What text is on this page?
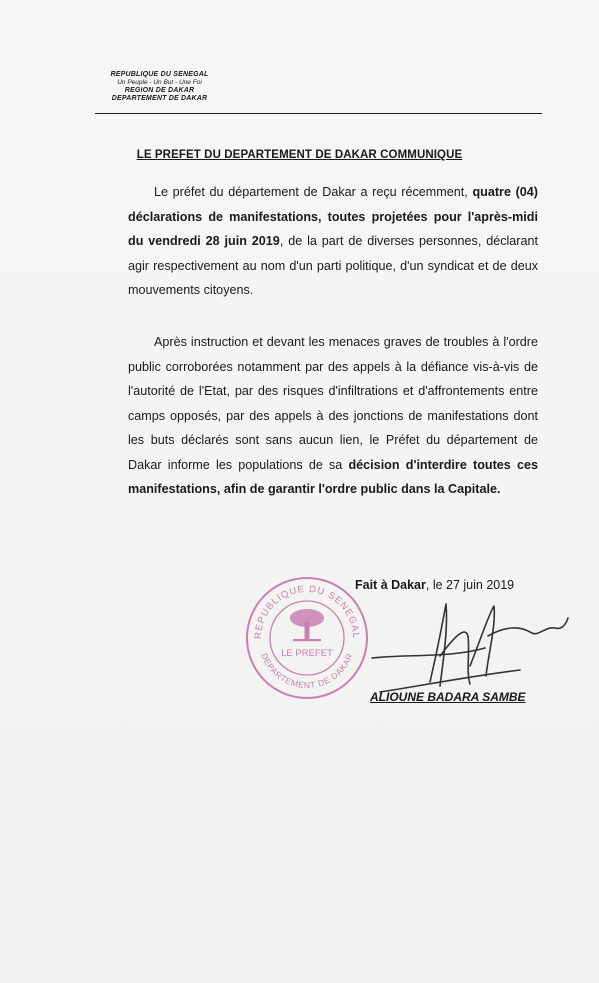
REPUBLIQUE DU SENEGAL
Un Peuple - Un But - Une Foi
REGION DE DAKAR
DEPARTEMENT DE DAKAR
LE PREFET DU DEPARTEMENT DE DAKAR COMMUNIQUE
Le préfet du département de Dakar a reçu récemment, quatre (04) déclarations de manifestations, toutes projetées pour l'après-midi du vendredi 28 juin 2019, de la part de diverses personnes, déclarant agir respectivement au nom d'un parti politique, d'un syndicat et de deux mouvements citoyens.
Après instruction et devant les menaces graves de troubles à l'ordre public corroborées notamment par des appels à la défiance vis-à-vis de l'autorité de l'Etat, par des risques d'infiltrations et d'affrontements entre camps opposés, par des appels à des jonctions de manifestations dont les buts déclarés sont sans aucun lien, le Préfet du département de Dakar informe les populations de sa décision d'interdire toutes ces manifestations, afin de garantir l'ordre public dans la Capitale.
REPUBLIQUE DU SENEGAL
DEPARTEMENT DE DAKAR
LE PREFET
Fait à Dakar, le 27 juin 2019
ALIOUNE BADARA SAMBE
